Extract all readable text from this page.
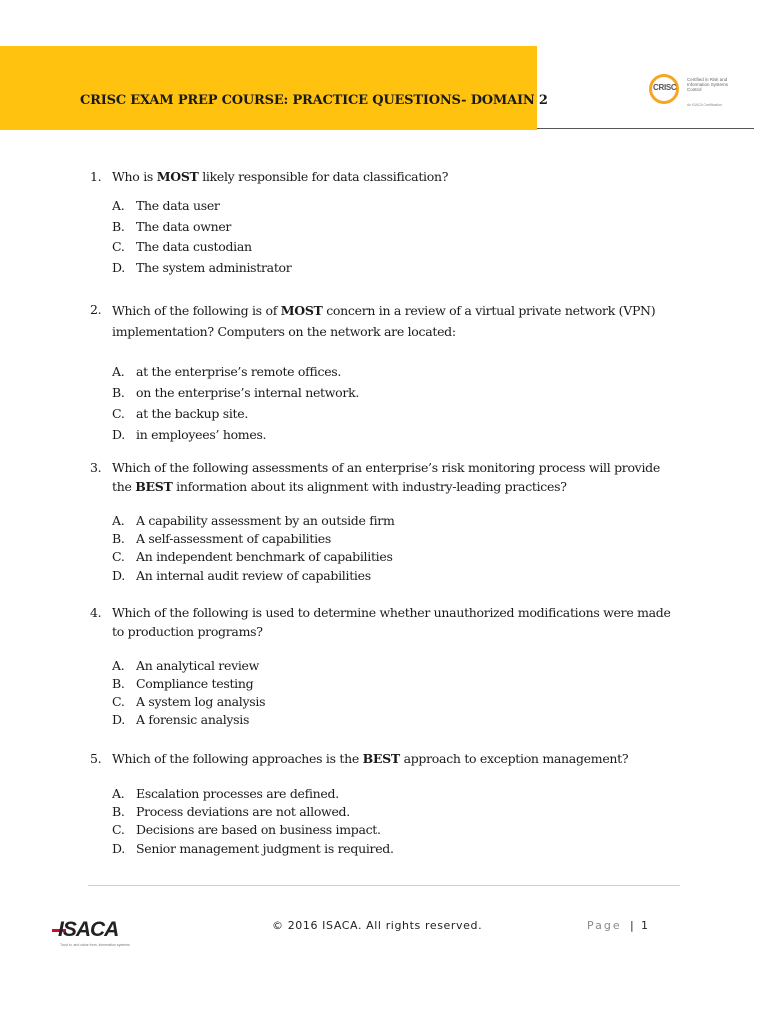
CRISC EXAM PREP COURSE: PRACTICE QUESTIONS- DOMAIN 2
CRISC
Certified in Risk and Information Systems Control
An ISACA Certification
1. Who is MOST likely responsible for data classification?
A. The data user
B. The data owner
C. The data custodian
D. The system administrator
2. Which of the following is of MOST concern in a review of a virtual private network (VPN) implementation? Computers on the network are located:
A. at the enterprise’s remote offices.
B. on the enterprise’s internal network.
C. at the backup site.
D. in employees’ homes.
3. Which of the following assessments of an enterprise’s risk monitoring process will provide the BEST information about its alignment with industry-leading practices?
A. A capability assessment by an outside firm
B. A self-assessment of capabilities
C. An independent benchmark of capabilities
D. An internal audit review of capabilities
4. Which of the following is used to determine whether unauthorized modifications were made to production programs?
A. An analytical review
B. Compliance testing
C. A system log analysis
D. A forensic analysis
5. Which of the following approaches is the BEST approach to exception management?
A. Escalation processes are defined.
B. Process deviations are not allowed.
C. Decisions are based on business impact.
D. Senior management judgment is required.
ISACA
Trust in, and value from, information systems
© 2016 ISACA. All rights reserved.	Page | 1
